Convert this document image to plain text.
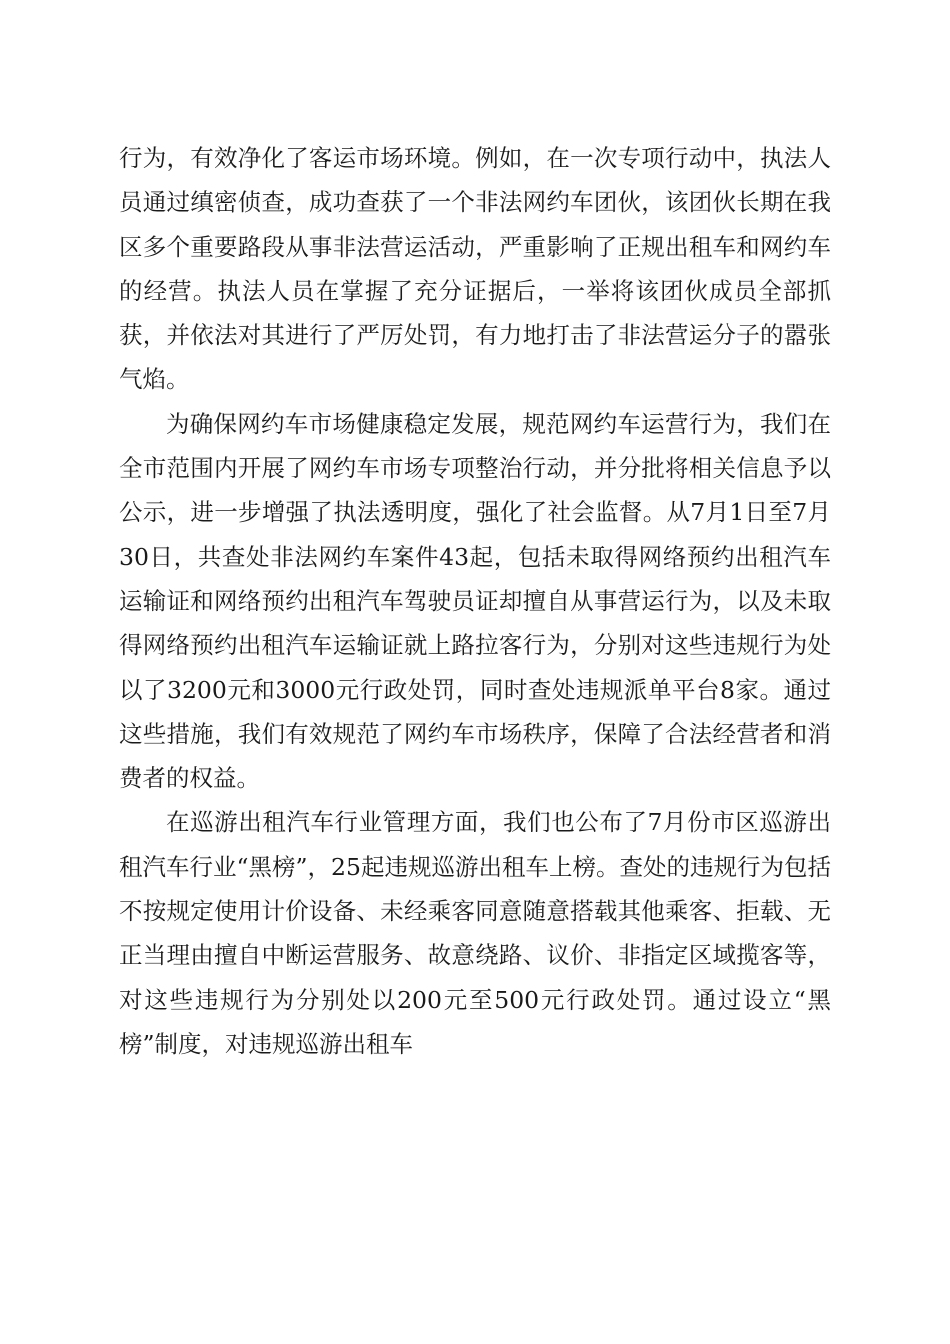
行为，有效净化了客运市场环境。例如，在一次专项行动中，执法人员通过缜密侦查，成功查获了一个非法网约车团伙，该团伙长期在我区多个重要路段从事非法营运活动，严重影响了正规出租车和网约车的经营。执法人员在掌握了充分证据后，一举将该团伙成员全部抓获，并依法对其进行了严厉处罚，有力地打击了非法营运分子的嚣张气焰。

为确保网约车市场健康稳定发展，规范网约车运营行为，我们在全市范围内开展了网约车市场专项整治行动，并分批将相关信息予以公示，进一步增强了执法透明度，强化了社会监督。从7月1日至7月30日，共查处非法网约车案件43起，包括未取得网络预约出租汽车运输证和网络预约出租汽车驾驶员证却擅自从事营运行为，以及未取得网络预约出租汽车运输证就上路拉客行为，分别对这些违规行为处以了3200元和3000元行政处罚，同时查处违规派单平台8家。通过这些措施，我们有效规范了网约车市场秩序，保障了合法经营者和消费者的权益。

在巡游出租汽车行业管理方面，我们也公布了7月份市区巡游出租汽车行业“黑榜”，25起违规巡游出租车上榜。查处的违规行为包括不按规定使用计价设备、未经乘客同意随意搭载其他乘客、拒载、无正当理由擅自中断运营服务、故意绕路、议价、非指定区域揽客等，对这些违规行为分别处以200元至500元行政处罚。通过设立“黑榜”制度，对违规巡游出租车
